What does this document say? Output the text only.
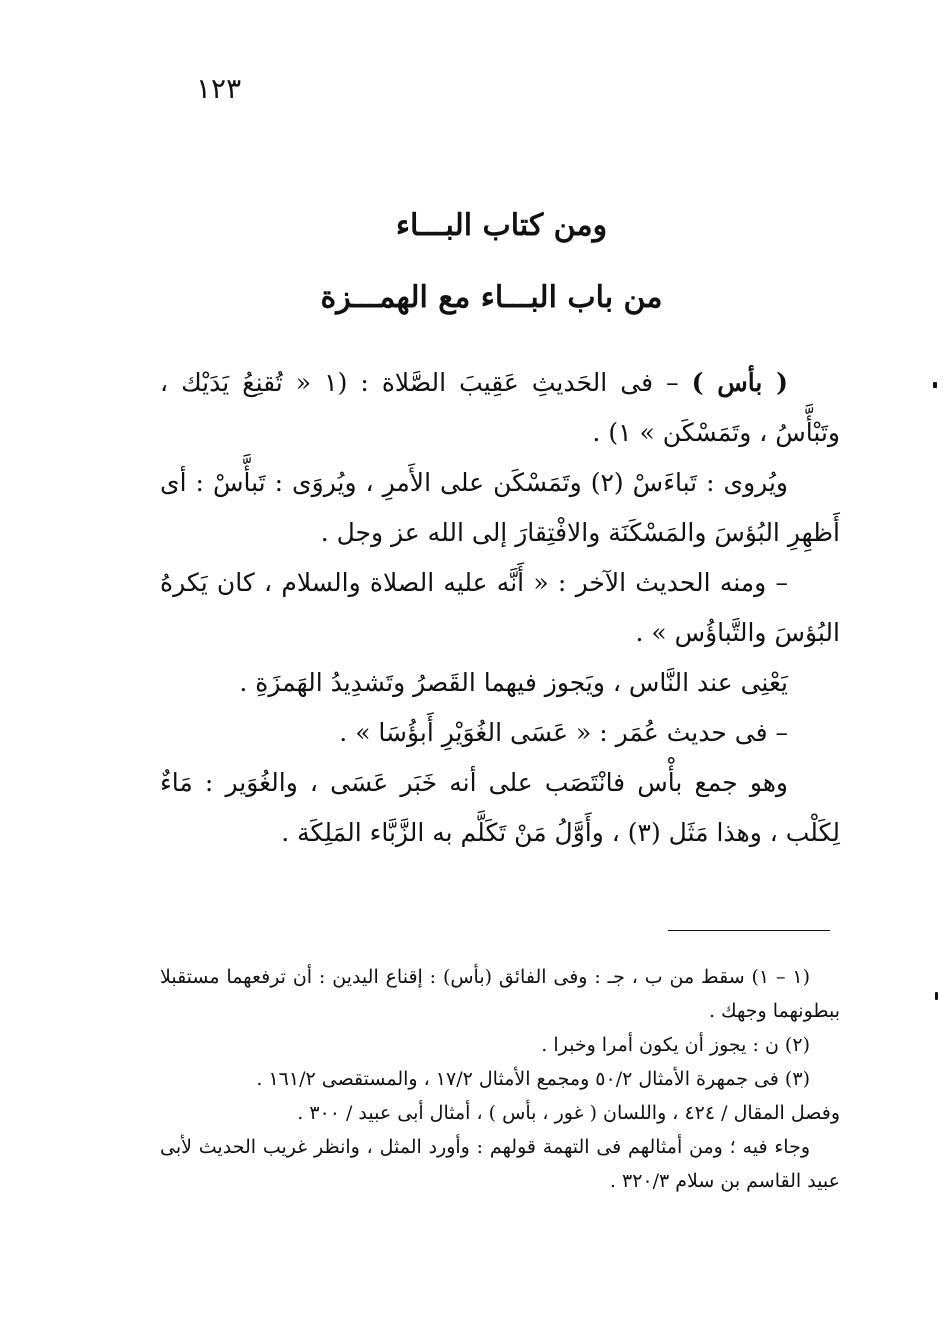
١٢٣
ومن كتاب البـــاء
من باب البـــاء مع الهمـــزة

( بأس ) – فى الحَديثِ عَقِيبَ الصَّلاة : (١ « تُقنِعُ يَدَيْك ، وتَبْأَّسُ ، وتَمَسْكَن » ١) .

ويُروى : تَباءَسْ (٢) وتَمَسْكَن على الأَمرِ ، ويُروَى : تَبأَّسْ : أى أَظهِرِ البُؤسَ والمَسْكَنَة والافْتِقارَ إلى الله عز وجل .

– ومنه الحديث الآخر : « أَنَّه عليه الصلاة والسلام ، كان يَكرهُ البُؤسَ والتَّباؤُس » .

يَعْنِى عند النَّاس ، ويَجوز فيهما القَصرُ وتَشدِيدُ الهَمزَةِ .

– فى حديث عُمَر : « عَسَى الغُوَيْرِ أَبؤُسَا » .

وهو جمع بأْس فانْتَصَب على أنه خَبَر عَسَى ، والغُوَير : مَاءٌ لِكَلْب ، وهذا مَثَل (٣) ، وأَوَّلُ مَنْ تَكَلَّم به الزَّبَّاء المَلِكَة .

(١ – ١) سقط من ب ، جـ : وفى الفائق (بأس) : إقناع اليدين : أن ترفعهما مستقبلا ببطونهما وجهك .

(٢) ن : يجوز أن يكون أمرا وخبرا .

(٣) فى جمهرة الأمثال ٥٠/٢ ومجمع الأمثال ١٧/٢ ، والمستقصى ١٦١/٢ .

وفصل المقال / ٤٢٤ ، واللسان ( غور ، بأس ) ، أمثال أبى عبيد / ٣٠٠ .

وجاء فيه ؛ ومن أمثالهم فى التهمة قولهم : وأورد المثل ، وانظر غريب الحديث لأبى عبيد القاسم بن سلام ٣٢٠/٣ .
